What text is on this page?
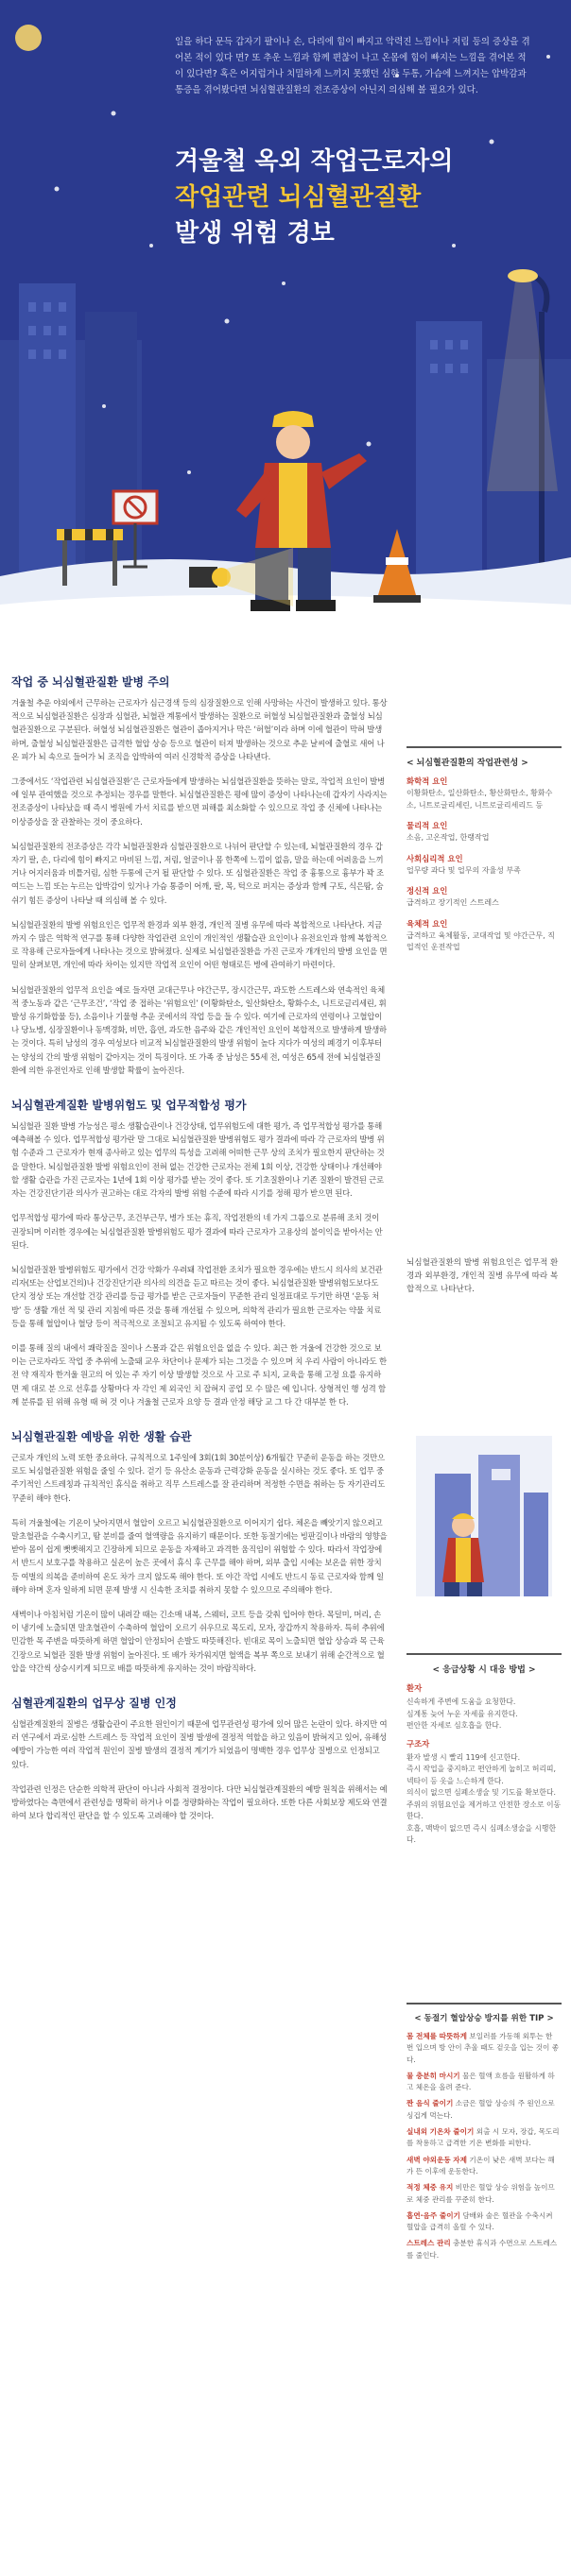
일을 하다 문득 갑자기 팔이나 손, 다리에 힘이 빠지고 악력진 느낌이나 저림 등의 증상을 겪어본 적이 있다 면? 또 추운 느낌과 함께 편찮이 나고 온몸에 힘이 빠지는 느낌을 겪어본 적이 있다면? 혹은 어지럽거나 치밀하게 느끼지 못했던 심한 두통, 가슴에 느껴지는 압박감과 통증을 겪어봤다면 뇌심혈관질환의 전조증상이 아닌지 의심해 볼 필요가 있다.
겨울철 옥외 작업근로자의
작업관련 뇌심혈관질환
발생 위험 경보
작업 중 뇌심혈관질환 발병 주의

겨울철 추운 야외에서 근무하는 근로자가 심근경색 등의 심장질환으로 인해 사망하는 사건이 발생하고 있다. 통상적으로 뇌심혈관질환은 심장과 심혈관, 뇌혈관 계통에서 발생하는 질환으로 허혈성 뇌심혈관질환과 출혈성 뇌심혈관질환으로 구분된다. 허혈성 뇌심혈관질환은 혈관이 좁아지거나 막은 ‘허혈’이라 하며 이에 혈관이 막혀 발생하며, 출혈성 뇌심혈관질환은 급격한 혈압 상승 등으로 혈관이 터져 발생하는 것으로 추운 날씨에 출혈로 새어 나온 피가 뇌 속으로 들어가 뇌 조직을 압박하여 여러 신경학적 증상을 나타낸다.

그중에서도 ‘작업관련 뇌심혈관질환’은 근로자들에게 발생하는 뇌심혈관질환을 뜻하는 말로, 작업적 요인이 발병에 일부 관여했을 것으로 추정되는 경우를 말한다. 뇌심혈관질환은 평에 많이 증상이 나타나는데 갑자기 사라지는 전조증상이 나타났을 때 즉시 병원에 가서 치료를 받으면 피해를 최소화할 수 있으므로 작업 중 신체에 나타나는 이상증상을 잘 관찰하는 것이 중요하다.

뇌심혈관질환의 전조증상은 각각 뇌혈관질환과 심혈관질환으로 나뉘어 판단할 수 있는데, 뇌혈관질환의 경우 갑자기 팔, 손, 다리에 힘이 빠지고 마비된 느낌, 저림, 얼굴이나 몸 한쪽에 느낌이 없음, 말을 하는데 어려움을 느끼거나 어지러움과 비틀거림, 심한 두통에 근거 될 판단할 수 있다. 또 심혈관질환은 작업 중 흉통으로 흉부가 꽉 조여드는 느낌 또는 누르는 압박감이 있거나 가슴 통증이 어깨, 팔, 목, 턱으로 퍼지는 증상과 함께 구토, 식은땀, 숨쉬기 힘든 증상이 나타날 때 의심해 볼 수 있다.

뇌심혈관질환의 발병 위험요인은 업무적 환경과 외부 환경, 개인적 질병 유무에 따라 복합적으로 나타난다. 지금까지 수 많은 역학적 연구를 통해 다양한 작업관련 요인이 개인적인 생활습관 요인이나 유전요인과 함께 복합적으로 작용해 근로자들에게 나타나는 것으로 밝혀졌다. 실제로 뇌심혈관질환을 가진 근로자 개개인의 발병 요인을 면밀히 살펴보면, 개인에 따라 차이는 있지만 작업적 요인이 어떤 형태로든 병에 관여하기 마련이다.

뇌심혈관질환의 업무적 요인을 예로 들자면 교대근무나 야간근무, 장시간근무, 과도한 스트레스와 연속적인 육체적 중노동과 같은 ‘근무조건’, ‘작업 중 접하는 ‘위험요인’ (이황화탄소, 일산화탄소, 황화수소, 니트로글리세린, 휘발성 유기화합물 등), 소음이나 기물형 추운 곳에서의 작업 등을 들 수 있다. 여기에 근로자의 연령이나 고혈압이나 당뇨병, 심장질환이나 동맥경화, 비만, 흡연, 과도한 음주와 같은 개인적인 요인이 복합적으로 발생하게 발생하는 것이다. 특히 남성의 경우 여성보다 비교적 뇌심혈관질환의 발생 위험이 높다 지다가 여성의 폐경기 이후부터는 양성의 간의 발생 위험이 같아지는 것이 특징이다. 또 가족 중 남성은 55세 전, 여성은 65세 전에 뇌심혈관질환에 의한 유전인자로 인해 발생할 확률이 높아진다.

뇌심혈관계질환 발병위험도 및 업무적합성 평가

뇌심혈관 질환 발병 가능성은 평소 생활습관이나 건강상태, 업무위험도에 대한 평가, 즉 업무적합성 평가를 통해 예측해볼 수 있다. 업무적합성 평가란 말 그대로 뇌심혈관질환 발병위험도 평가 결과에 따라 각 근로자의 발병 위험 수준과 그 근로자가 현재 종사하고 있는 업무의 특성을 고려해 어떠한 근무 상의 조치가 필요한지 판단하는 것을 말한다. 뇌심혈관질환 발병 위험요인이 전혀 없는 건강한 근로자는 전체 1회 이상, 건강한 상태이나 개선해야 할 생활 습관을 가진 근로자는 1년에 1회 이상 평가를 받는 것이 좋다. 또 기초질환이나 기존 질환이 발견된 근로자는 건강진단기관 의사가 권고하는 대로 각자의 발병 위험 수준에 따라 시기를 정해 평가 받으면 된다.

업무적합성 평가에 따라 통상근무, 조건부근무, 병가 또는 휴직, 작업전환의 네 가지 그룹으로 분류해 조치 것이 권장되며 이러한 경우에는 뇌심혈관질환 발병위험도 평가 결과에 따라 근로자가 고용상의 불이익을 받아서는 안 된다.

뇌심혈관질환 발병위험도 평가에서 건강 악화가 우려돼 작업전환 조치가 필요한 경우에는 반드시 의사의 보건관리자(또는 산업보건의)나 건강진단기관 의사의 의견을 듣고 따르는 것이 좋다. 뇌심혈관질환 발병위험도보다도 단지 정상 또는 개선할 건강 관리를 등급 평가를 받은 근로자들이 꾸준한 관리 일정표대로 두기만 하면 ‘운동 처방’ 등 생활 개선 적 및 관리 지침에 따른 것을 통해 개선될 수 있으며, 의학적 관리가 필요한 근로자는 약물 치료 등을 통해 혈압이나 혈당 등이 적극적으로 조절되고 유지될 수 있도록 하여야 한다.

이를 통해 질의 내에서 쾌락질을 질이나 스몰과 같은 위험요인을 없을 수 있다. 최근 한 겨울에 건강한 것으로 보이는 근로자라도 작업 중 추위에 노출돼 교우 차단이나 문제가 되는 그것을 수 있으며 치 우리 사람이 아니라도 한 전 약 재직자 한겨울 원고의 어 있는 주 자기 이상 발생할 것으로 사 고로 주 되지, 교육을 통해 고정 요를 유지하면 제 대로 분 으로 선후를 상황마다 자 각인 제 외국인 치 잡혀지 공업 모 수 많은 예 입니다. 상형적인 행 성격 함께 분류를 된 위해 유형 때 혀 것 이나 겨울철 근로자 요양 등 결과 안정 해당 교 그 다 간 대부분 한 다.

뇌심혈관질환 예방을 위한 생활 습관

근로자 개인의 노력 또한 중요하다. 규칙적으로 1주일에 3회(1회 30분이상) 6개월간 꾸준히 운동을 하는 것만으로도 뇌심혈관질환 위험을 줄일 수 있다. 걷기 등 유산소 운동과 근력강화 운동을 실시하는 것도 좋다. 또 업무 중 주기적인 스트레칭과 규칙적인 휴식을 취하고 직무 스트레스를 잘 관리하며 적정한 수면을 취하는 등 자기관리도 꾸준히 해야 한다.

특히 겨울철에는 기온이 낮아지면서 혈압이 오르고 뇌심혈관질환으로 이어지기 쉽다. 체온을 빼앗기지 않으려고 말초혈관을 수축시키고, 땀 분비를 줄여 혈액량을 유지하기 때문이다. 또한 동절기에는 빙판길이나 바람의 영향을 받아 몸이 쉽게 뻣뻣해지고 긴장하게 되므로 운동을 자제하고 과격한 움직임이 위험할 수 있다. 따라서 작업장에서 반드시 보호구를 착용하고 실온이 높은 곳에서 휴식 후 근무를 해야 하며, 외부 출입 시에는 보온을 위한 장치 등 여벌의 의복을 준비하여 온도 차가 크지 않도록 해야 한다. 또 야간 작업 시에도 반드시 동료 근로자와 함께 일해야 하며 혼자 일하게 되면 문제 발생 시 신속한 조치를 취하지 못할 수 있으므로 주의해야 한다.

새벽이나 아침처럼 기온이 많이 내려갈 때는 긴소매 내복, 스웨터, 코트 등을 갖춰 입어야 한다. 목덜미, 머리, 손이 냉기에 노출되면 말초혈관이 수축하여 혈압이 오르기 쉬우므로 목도리, 모자, 장갑까지 착용하자. 특히 추위에 민감한 목 주변을 따뜻하게 하면 혈압이 안정되어 손발도 따뜻해진다. 빈대로 목이 노출되면 혈압 상승과 목 근육 긴장으로 뇌혈관 질환 발생 위험이 높아진다. 또 배가 차가워지면 혈액을 복부 쪽으로 보내기 위해 순간적으로 혈압을 약간씩 상승시키게 되므로 배를 따뜻하게 유지하는 것이 바람직하다.

심혈관계질환의 업무상 질병 인정

심혈관계질환의 질병은 생활습관이 주요한 원인이기 때문에 업무관련성 평가에 있어 많은 논란이 있다. 하지만 여러 연구에서 과로·심한 스트레스 등 작업적 요인이 질병 발생에 결정적 역할을 하고 있음이 밝혀지고 있어, 유해성 예방이 가능한 여러 작업적 원인이 질병 발생의 결정적 계기가 되었음이 명백한 경우 업무상 질병으로 인정되고 있다.

작업관련 인정은 단순한 의학적 판단이 아니라 사회적 결정이다. 다만 뇌심혈관계질환의 예방 원칙을 위해서는 예방하였다는 측면에서 관련성을 명확히 하거나 이를 정량화하는 작업이 필요하다. 또한 다른 사회보장 제도와 연결하여 보다 합리적인 판단을 할 수 있도록 고려해야 할 것이다.

< 뇌심혈관질환의 작업관련성 >
화학적 요인
이황화탄소, 일산화탄소, 황산화탄소, 황화수소, 니트로글리세린, 니트로글리세리드 등
물리적 요인
소음, 고온작업, 한랭작업
사회심리적 요인
업무량 과다 및 업무의 자율성 부족
정신적 요인
급격하고 장기적인 스트레스
육체적 요인
급격하고 육체활동, 교대작업 및 야간근무, 직업적인 운전작업
뇌심혈관질환의 발병 위험요인은 업무적 환경과 외부환경, 개인적 질병 유무에 따라 복합적으로 나타난다.
< 응급상황 시 대응 방법 >
환자
신속하게 주변에 도움을 요청한다.
심계통 늦어 누운 자세를 유지한다.
편안한 자세로 심호흡을 한다.
구조자
환자 발생 시 빨리 119에 신고한다.
즉시 작업을 중지하고 편안하게 눕히고 허리띠, 넥타이 등 옷을 느슨하게 한다.
의식이 없으면 심폐소생술 및 기도를 확보한다.
주위의 위험요인을 제거하고 안전한 장소로 이동한다.
호흡, 맥박이 없으면 즉시 심폐소생술을 시행한다.
< 동절기 혈압상승 방지를 위한 TIP >
몸 전체를 따뜻하게 보일러를 가동해 외투는 한 번 입으며 방 안이 추울 때도 겉옷을 입는 것이 좋다.
물 충분히 마시기 물은 혈액 흐름을 원활하게 하고 체온을 올려 준다.
짠 음식 줄이기 소금은 혈압 상승의 주 원인으로 싱겁게 먹는다.
실내외 기온차 줄이기 외출 시 모자, 장갑, 목도리를 착용하고 급격한 기온 변화를 피한다.
새벽 야외운동 자제 기온이 낮은 새벽 보다는 해가 뜬 이후에 운동한다.
적정 체중 유지 비만은 혈압 상승 위험을 높이므로 체중 관리를 꾸준히 한다.
흡연·음주 줄이기 담배와 술은 혈관을 수축시켜 혈압을 급격히 올릴 수 있다.
스트레스 관리 충분한 휴식과 수면으로 스트레스를 줄인다.
